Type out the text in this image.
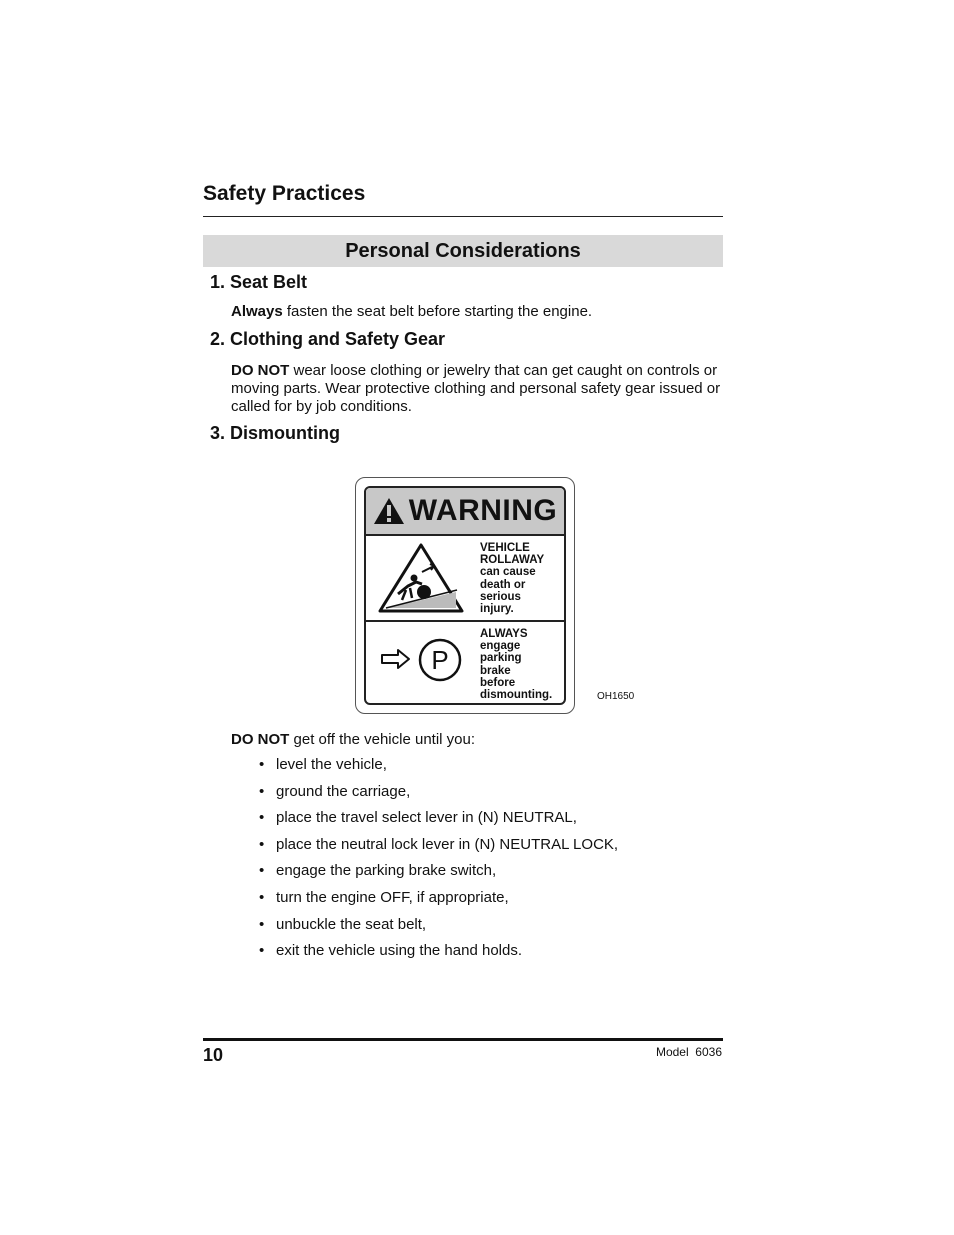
Safety Practices
Personal Considerations
1. Seat Belt
Always fasten the seat belt before starting the engine.
2. Clothing and Safety Gear
DO NOT wear loose clothing or jewelry that can get caught on controls or moving parts. Wear protective clothing and personal safety gear issued or called for by job conditions.
3. Dismounting
WARNING
VEHICLE
ROLLAWAY
can cause
death or
serious
injury.
P
ALWAYS
engage
parking
brake
before
dismounting.	OH1650
DO NOT get off the vehicle until you:
• level the vehicle,
• ground the carriage,
• place the travel select lever in (N) NEUTRAL,
• place the neutral lock lever in (N) NEUTRAL LOCK,
• engage the parking brake switch,
• turn the engine OFF, if appropriate,
• unbuckle the seat belt,
• exit the vehicle using the hand holds.
10	Model  6036
